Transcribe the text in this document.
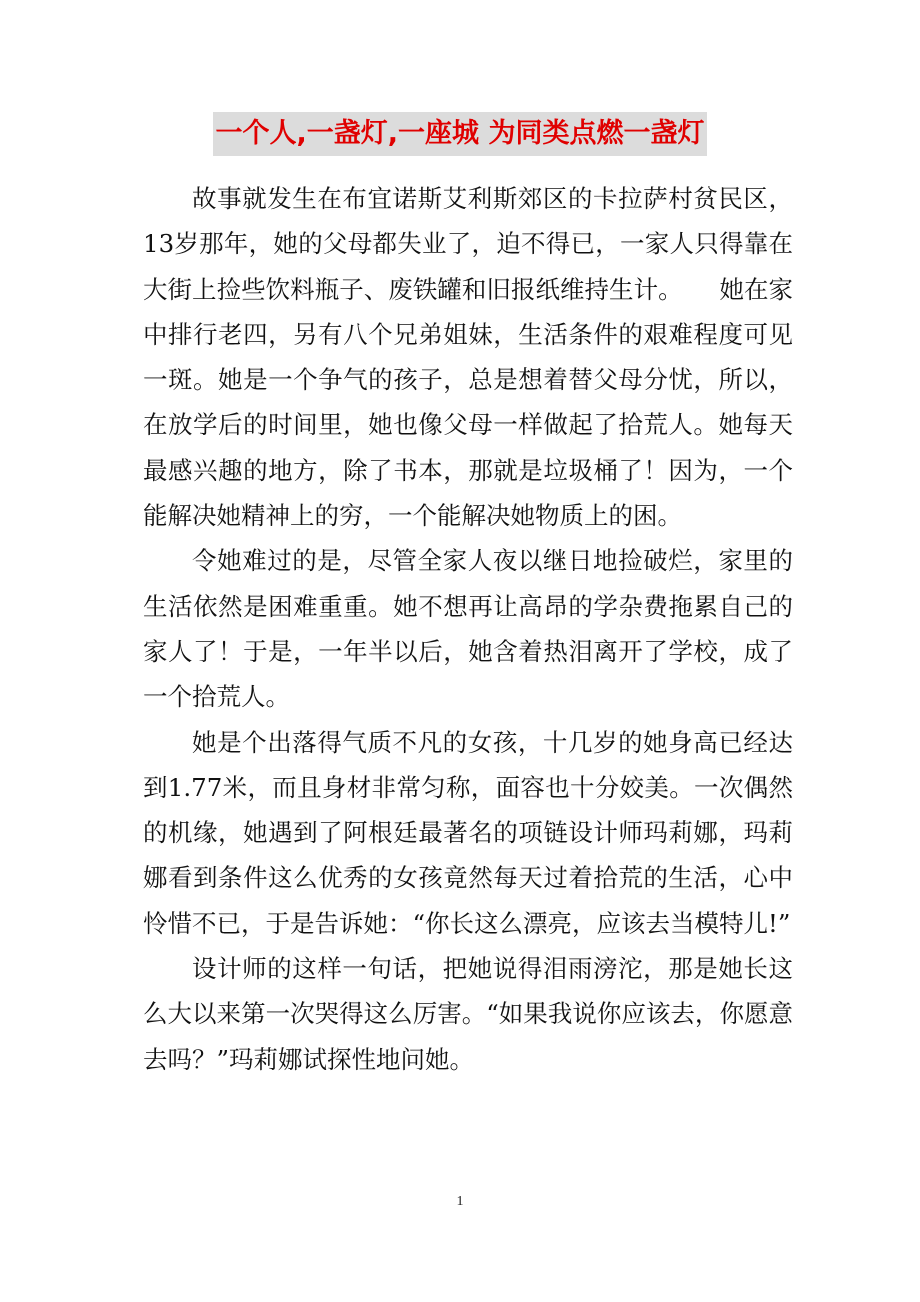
一个人,一盏灯,一座城 为同类点燃一盏灯

故事就发生在布宜诺斯艾利斯郊区的卡拉萨村贫民区，13岁那年，她的父母都失业了，迫不得已，一家人只得靠在大街上捡些饮料瓶子、废铁罐和旧报纸维持生计。　　她在家中排行老四，另有八个兄弟姐妹，生活条件的艰难程度可见一斑。她是一个争气的孩子，总是想着替父母分忧，所以，在放学后的时间里，她也像父母一样做起了拾荒人。她每天最感兴趣的地方，除了书本，那就是垃圾桶了！因为，一个能解决她精神上的穷，一个能解决她物质上的困。

令她难过的是，尽管全家人夜以继日地捡破烂，家里的生活依然是困难重重。她不想再让高昂的学杂费拖累自己的家人了！于是，一年半以后，她含着热泪离开了学校，成了一个拾荒人。

她是个出落得气质不凡的女孩，十几岁的她身高已经达到1.77米，而且身材非常匀称，面容也十分姣美。一次偶然的机缘，她遇到了阿根廷最著名的项链设计师玛莉娜，玛莉娜看到条件这么优秀的女孩竟然每天过着拾荒的生活，心中怜惜不已，于是告诉她：“你长这么漂亮，应该去当模特儿!”

设计师的这样一句话，把她说得泪雨滂沱，那是她长这么大以来第一次哭得这么厉害。“如果我说你应该去，你愿意去吗？”玛莉娜试探性地问她。

1
